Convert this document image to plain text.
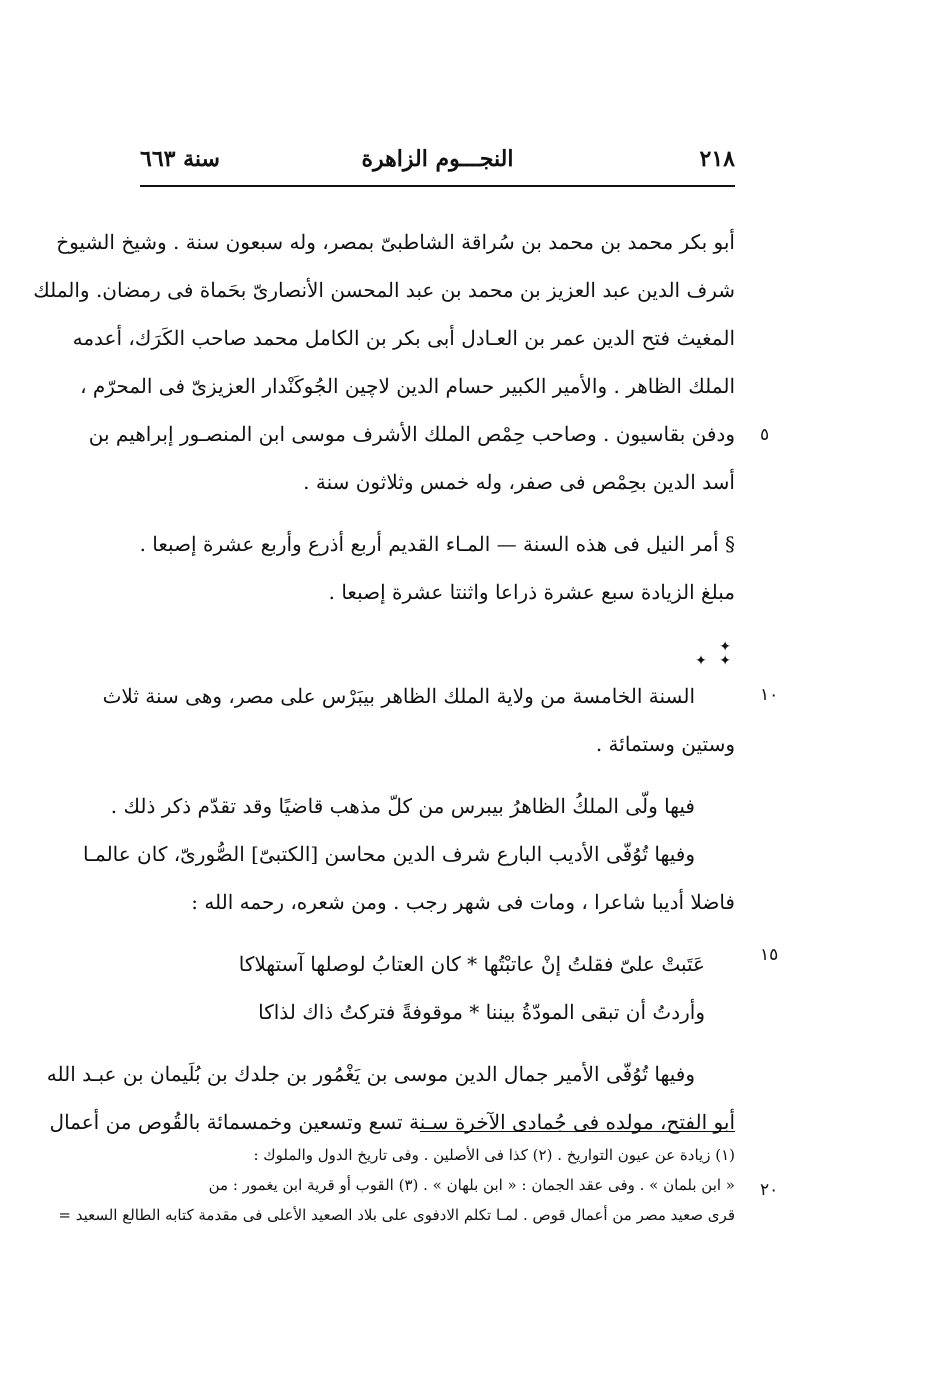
٢١٨
النجـــوم الزاهرة
سنة ٦٦٣
أبو بكر محمد بن محمد بن سُراقة الشاطبىّ بمصر، وله سبعون سنة . وشيخ الشيوخ
شرف الدين عبد العزيز بن محمد بن عبد المحسن الأنصارىّ بحَماة فى رمضان. والملك
المغيث فتح الدين عمر بن العـادل أبى بكر بن الكامل محمد صاحب الكَرَك، أعدمه
الملك الظاهر . والأمير الكبير حسام الدين لاچين الجُوكَنْدار العزيزىّ فى المحرّم ،
ودفن بقاسيون . وصاحب حِمْص الملك الأشرف موسى ابن المنصـور إبراهيم بن
أسد الدين بحِمْص فى صفر، وله خمس وثلاثون سنة .
§ أمر النيل فى هذه السنة — المـاء القديم أربع أذرع وأربع عشرة إصبعا .
مبلغ الزيادة سبع عشرة ذراعا واثنتا عشرة إصبعا .
✦
✦ ✦
السنة الخامسة من ولاية الملك الظاهر بيبَرْس على مصر، وهى سنة ثلاث
وستين وستمائة .
فيها ولّى الملكُ الظاهرُ بيبرس من كلّ مذهب قاضيًا وقد تقدّم ذكر ذلك .
وفيها تُوُفّى الأديب البارع شرف الدين محاسن [الكتبىّ] الصُّورىّ، كان عالمـا
فاضلا أديبا شاعرا ، ومات فى شهر رجب . ومن شعره، رحمه الله :
عَتَبتْ علىّ فقلتُ إنْ عاتبْتُها * كان العتابُ لوصلها آستهلاكا
وأردتُ أن تبقى المودّةُ بيننا * موقوفةً فتركتُ ذاك لذاكا
وفيها تُوُفّى الأمير جمال الدين موسى بن يَغْمُور بن جلدك بن بُلَيمان بن عبـد الله
أبو الفتح، مولده فى جُمادى الآخرة سـنة تسع وتسعين وخمسمائة بالقُوص من أعمال
٥
١٠
١٥
٢٠
(١) زيادة عن عيون التواريخ . (٢) كذا فى الأصلين . وفى تاريخ الدول والملوك :
« ابن بلمان » . وفى عقد الجمان : « ابن بلهان » . (٣) القوب أو قرية ابن يغمور : من
قرى صعيد مصر من أعمال قوص . لمـا تكلم الادفوى على بلاد الصعيد الأعلى فى مقدمة كتابه الطالع السعيد =
